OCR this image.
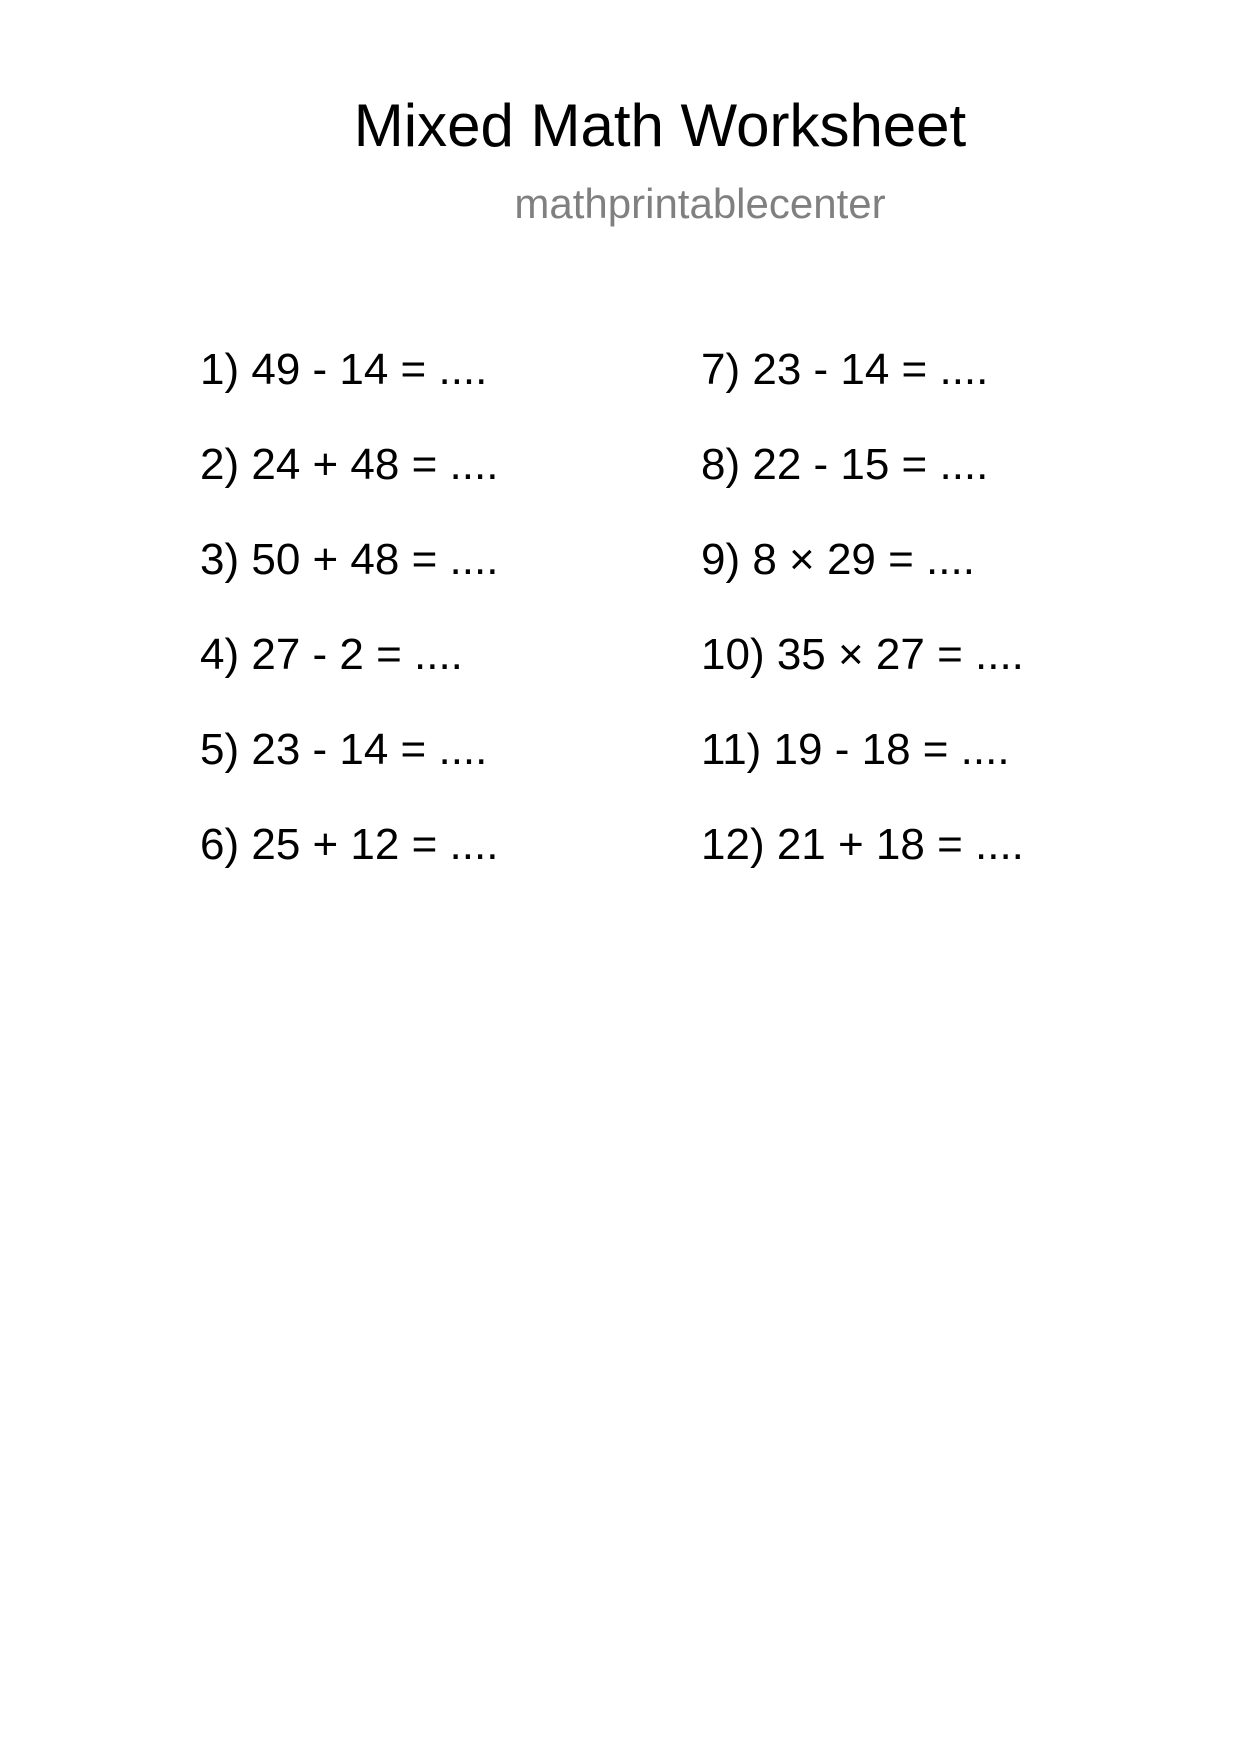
Mixed Math Worksheet
mathprintablecenter
1) 49 - 14 = ....
2) 24 + 48 = ....
3) 50 + 48 = ....
4) 27 - 2 = ....
5) 23 - 14 = ....
6) 25 + 12 = ....
7) 23 - 14 = ....
8) 22 - 15 = ....
9) 8 × 29 = ....
10) 35 × 27 = ....
11) 19 - 18 = ....
12) 21 + 18 = ....
